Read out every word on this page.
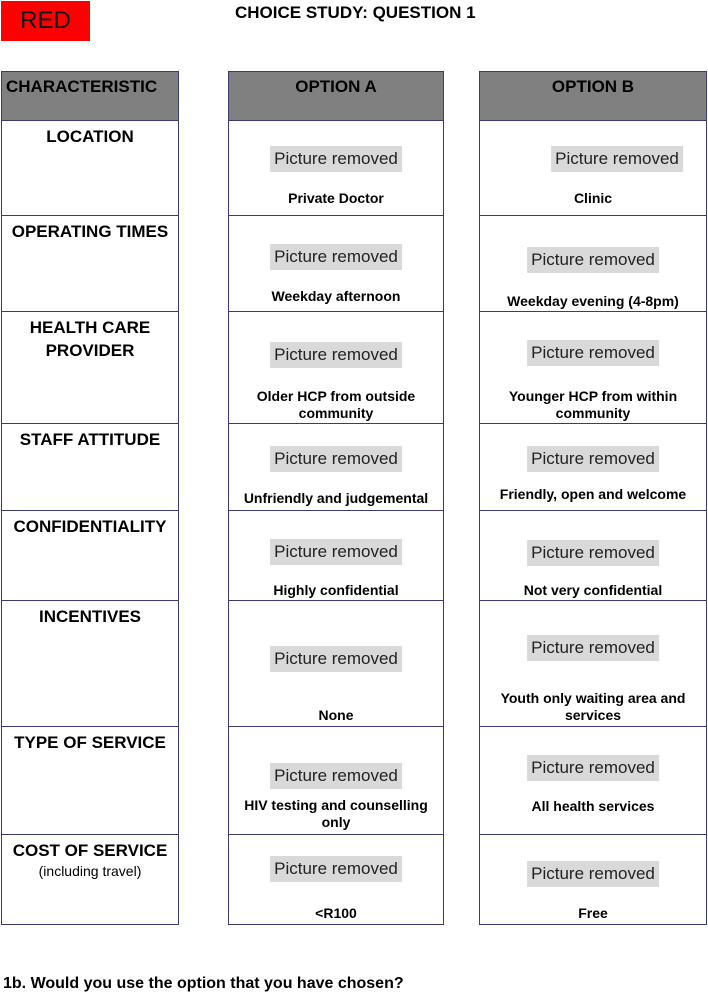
RED	CHOICE STUDY: QUESTION 1
CHARACTERISTIC
LOCATION
OPERATING TIMES
HEALTH CARE PROVIDER
STAFF ATTITUDE
CONFIDENTIALITY
INCENTIVES
TYPE OF SERVICE
COST OF SERVICE
(including travel)
OPTION A
Picture removed
Private Doctor
Picture removed
Weekday afternoon
Picture removed
Older HCP from outside community
Picture removed
Unfriendly and judgemental
Picture removed
Highly confidential
Picture removed
None
Picture removed
HIV testing and counselling only
Picture removed
<R100
OPTION B
Picture removed
Clinic
Picture removed
Weekday evening (4-8pm)
Picture removed
Younger HCP from within community
Picture removed
Friendly, open and welcome
Picture removed
Not very confidential
Picture removed
Youth only waiting area and services
Picture removed
All health services
Picture removed
Free
1b. Would you use the option that you have chosen?
